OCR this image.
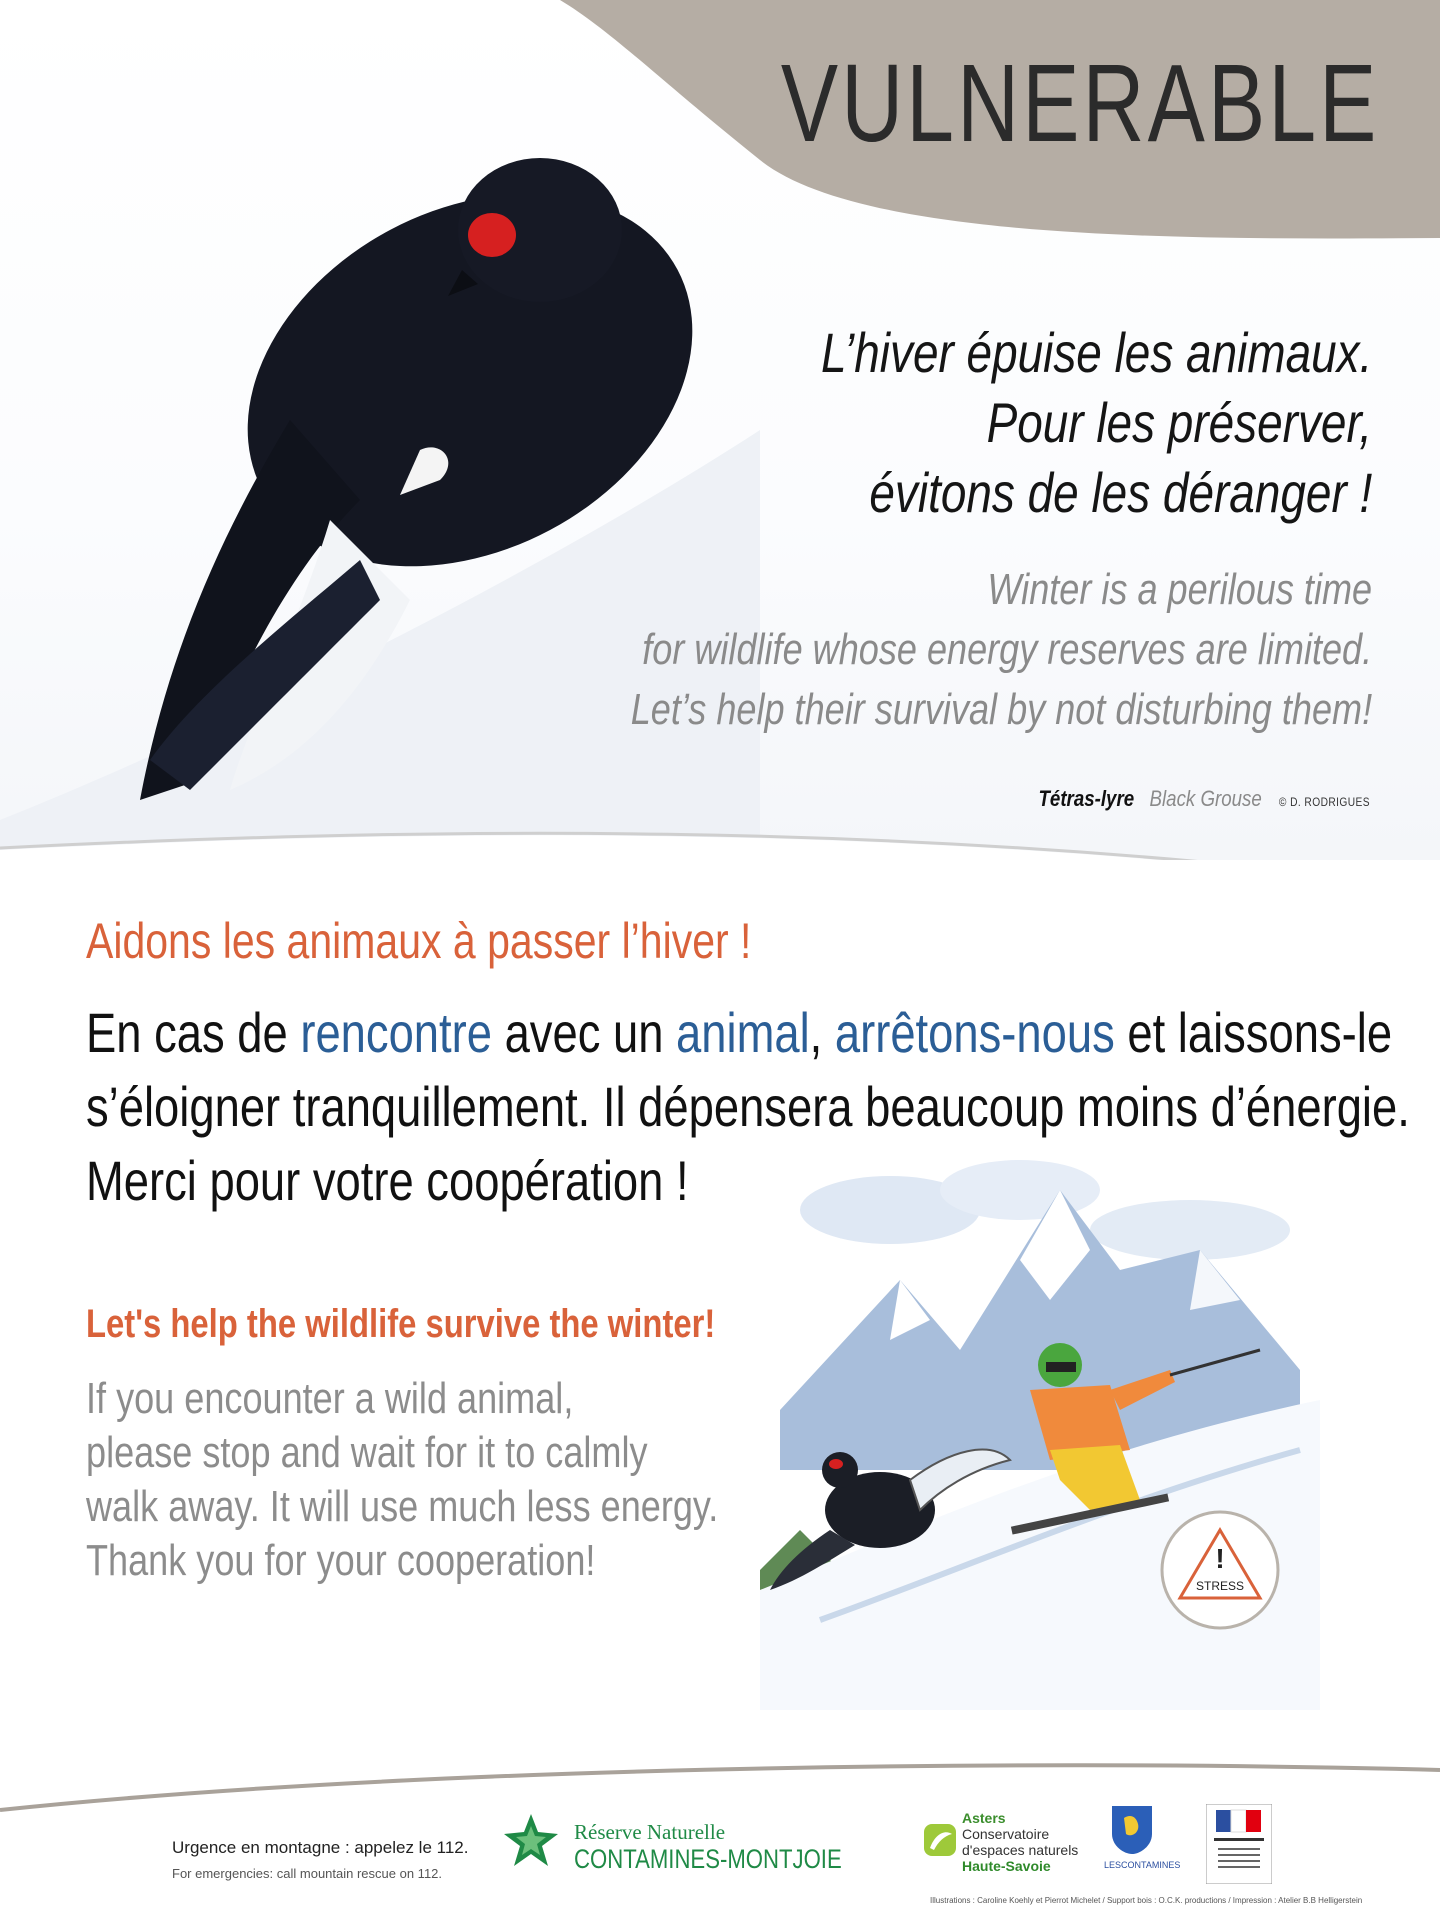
VULNERABLE
L’hiver épuise les animaux.
Pour les préserver,
évitons de les déranger !
Winter is a perilous time
for wildlife whose energy reserves are limited.
Let’s help their survival by not disturbing them!
Tétras-lyre Black Grouse © D. RODRIGUES
Aidons les animaux à passer l’hiver !
En cas de rencontre avec un animal, arrêtons-nous et laissons-le
s’éloigner tranquillement. Il dépensera beaucoup moins d’énergie.
Merci pour votre coopération !
Let's help the wildlife survive the winter!
If you encounter a wild animal,
please stop and wait for it to calmly
walk away. It will use much less energy.
Thank you for your cooperation!	!
STRESS
Urgence en montagne : appelez le 112.
For emergencies: call mountain rescue on 112.
Réserve Naturelle
CONTAMINES-MONTJOIE
Asters
Conservatoire
d'espaces naturels
Haute-Savoie	LESCONTAMINES
Illustrations : Caroline Koehly et Pierrot Michelet / Support bois : O.C.K. productions / Impression : Atelier B.B Helligerstein
